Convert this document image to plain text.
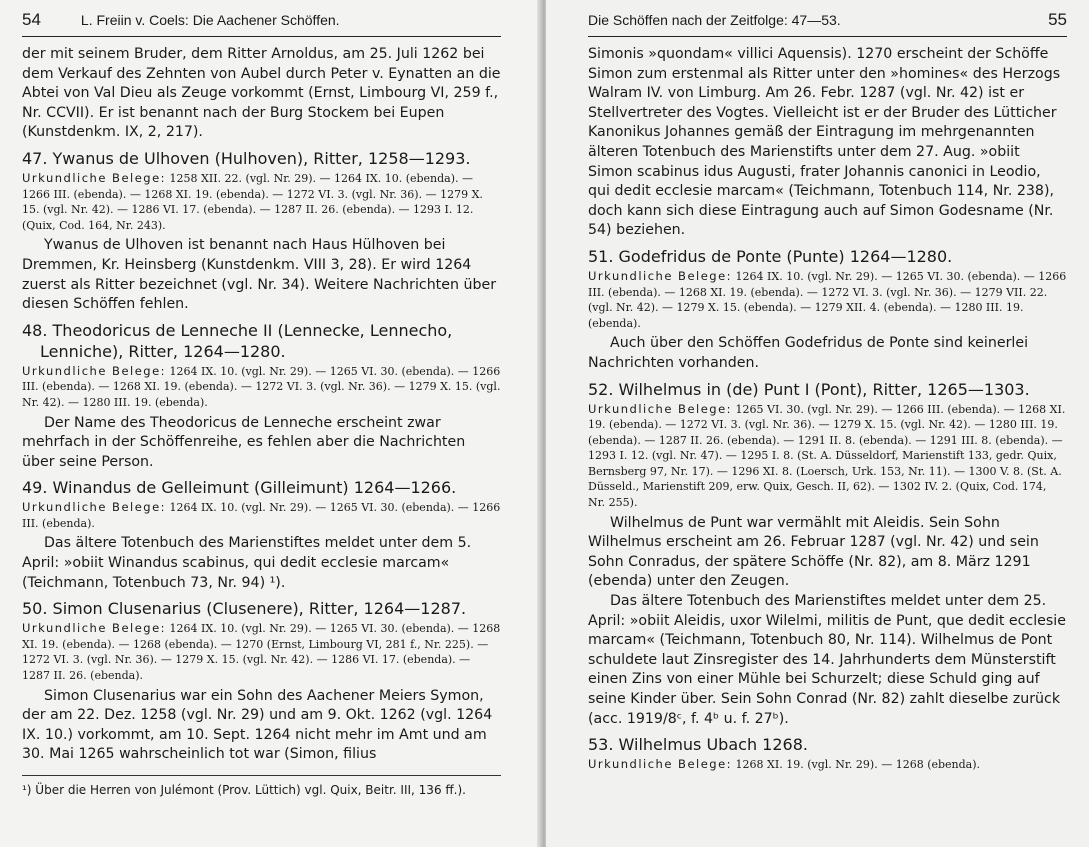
54	L. Freiin v. Coels: Die Aachener Schöffen.

der mit seinem Bruder, dem Ritter Arnoldus, am 25. Juli 1262 bei dem Verkauf des Zehnten von Aubel durch Peter v. Eynatten an die Abtei von Val Dieu als Zeuge vorkommt (Ernst, Limbourg VI, 259 f., Nr. CCVII). Er ist benannt nach der Burg Stockem bei Eupen (Kunstdenkm. IX, 2, 217).

47. Ywanus de Ulhoven (Hulhoven), Ritter, 1258—1293.
Urkundliche Belege: 1258 XII. 22. (vgl. Nr. 29). — 1264 IX. 10. (ebenda). — 1266 III. (ebenda). — 1268 XI. 19. (ebenda). — 1272 VI. 3. (vgl. Nr. 36). — 1279 X. 15. (vgl. Nr. 42). — 1286 VI. 17. (ebenda). — 1287 II. 26. (ebenda). — 1293 I. 12. (Quix, Cod. 164, Nr. 243).

Ywanus de Ulhoven ist benannt nach Haus Hülhoven bei Dremmen, Kr. Heinsberg (Kunstdenkm. VIII 3, 28). Er wird 1264 zuerst als Ritter bezeichnet (vgl. Nr. 34). Weitere Nachrichten über diesen Schöffen fehlen.

48. Theodoricus de Lenneche II (Lennecke, Lennecho, Lenniche), Ritter, 1264—1280.
Urkundliche Belege: 1264 IX. 10. (vgl. Nr. 29). — 1265 VI. 30. (ebenda). — 1266 III. (ebenda). — 1268 XI. 19. (ebenda). — 1272 VI. 3. (vgl. Nr. 36). — 1279 X. 15. (vgl. Nr. 42). — 1280 III. 19. (ebenda).

Der Name des Theodoricus de Lenneche erscheint zwar mehrfach in der Schöffenreihe, es fehlen aber die Nachrichten über seine Person.

49. Winandus de Gelleimunt (Gilleimunt) 1264—1266.
Urkundliche Belege: 1264 IX. 10. (vgl. Nr. 29). — 1265 VI. 30. (ebenda). — 1266 III. (ebenda).

Das ältere Totenbuch des Marienstiftes meldet unter dem 5. April: »obiit Winandus scabinus, qui dedit ecclesie marcam« (Teichmann, Totenbuch 73, Nr. 94) ¹).

50. Simon Clusenarius (Clusenere), Ritter, 1264—1287.
Urkundliche Belege: 1264 IX. 10. (vgl. Nr. 29). — 1265 VI. 30. (ebenda). — 1268 XI. 19. (ebenda). — 1268 (ebenda). — 1270 (Ernst, Limbourg VI, 281 f., Nr. 225). — 1272 VI. 3. (vgl. Nr. 36). — 1279 X. 15. (vgl. Nr. 42). — 1286 VI. 17. (ebenda). — 1287 II. 26. (ebenda).

Simon Clusenarius war ein Sohn des Aachener Meiers Symon, der am 22. Dez. 1258 (vgl. Nr. 29) und am 9. Okt. 1262 (vgl. 1264 IX. 10.) vorkommt, am 10. Sept. 1264 nicht mehr im Amt und am 30. Mai 1265 wahrscheinlich tot war (Simon, filius

¹) Über die Herren von Julémont (Prov. Lüttich) vgl. Quix, Beitr. III, 136 ff.).
Die Schöffen nach der Zeitfolge: 47—53.	55

Simonis »quondam« villici Aquensis). 1270 erscheint der Schöffe Simon zum erstenmal als Ritter unter den »homines« des Herzogs Walram IV. von Limburg. Am 26. Febr. 1287 (vgl. Nr. 42) ist er Stellvertreter des Vogtes. Vielleicht ist er der Bruder des Lütticher Kanonikus Johannes gemäß der Eintragung im mehrgenannten älteren Totenbuch des Marienstifts unter dem 27. Aug. »obiit Simon scabinus idus Augusti, frater Johannis canonici in Leodio, qui dedit ecclesie marcam« (Teichmann, Totenbuch 114, Nr. 238), doch kann sich diese Eintragung auch auf Simon Godesname (Nr. 54) beziehen.

51. Godefridus de Ponte (Punte) 1264—1280.
Urkundliche Belege: 1264 IX. 10. (vgl. Nr. 29). — 1265 VI. 30. (ebenda). — 1266 III. (ebenda). — 1268 XI. 19. (ebenda). — 1272 VI. 3. (vgl. Nr. 36). — 1279 VII. 22. (vgl. Nr. 42). — 1279 X. 15. (ebenda). — 1279 XII. 4. (ebenda). — 1280 III. 19. (ebenda).

Auch über den Schöffen Godefridus de Ponte sind keinerlei Nachrichten vorhanden.

52. Wilhelmus in (de) Punt I (Pont), Ritter, 1265—1303.
Urkundliche Belege: 1265 VI. 30. (vgl. Nr. 29). — 1266 III. (ebenda). — 1268 XI. 19. (ebenda). — 1272 VI. 3. (vgl. Nr. 36). — 1279 X. 15. (vgl. Nr. 42). — 1280 III. 19. (ebenda). — 1287 II. 26. (ebenda). — 1291 II. 8. (ebenda). — 1291 III. 8. (ebenda). — 1293 I. 12. (vgl. Nr. 47). — 1295 I. 8. (St. A. Düsseldorf, Marienstift 133, gedr. Quix, Bernsberg 97, Nr. 17). — 1296 XI. 8. (Loersch, Urk. 153, Nr. 11). — 1300 V. 8. (St. A. Düsseld., Marienstift 209, erw. Quix, Gesch. II, 62). — 1302 IV. 2. (Quix, Cod. 174, Nr. 255).

Wilhelmus de Punt war vermählt mit Aleidis. Sein Sohn Wilhelmus erscheint am 26. Februar 1287 (vgl. Nr. 42) und sein Sohn Conradus, der spätere Schöffe (Nr. 82), am 8. März 1291 (ebenda) unter den Zeugen.

Das ältere Totenbuch des Marienstiftes meldet unter dem 25. April: »obiit Aleidis, uxor Wilelmi, militis de Punt, que dedit ecclesie marcam« (Teichmann, Totenbuch 80, Nr. 114). Wilhelmus de Pont schuldete laut Zinsregister des 14. Jahrhunderts dem Münsterstift einen Zins von einer Mühle bei Schurzelt; diese Schuld ging auf seine Kinder über. Sein Sohn Conrad (Nr. 82) zahlt dieselbe zurück (acc. 1919/8ᶜ, f. 4ᵇ u. f. 27ᵇ).

53. Wilhelmus Ubach 1268.
Urkundliche Belege: 1268 XI. 19. (vgl. Nr. 29). — 1268 (ebenda).
